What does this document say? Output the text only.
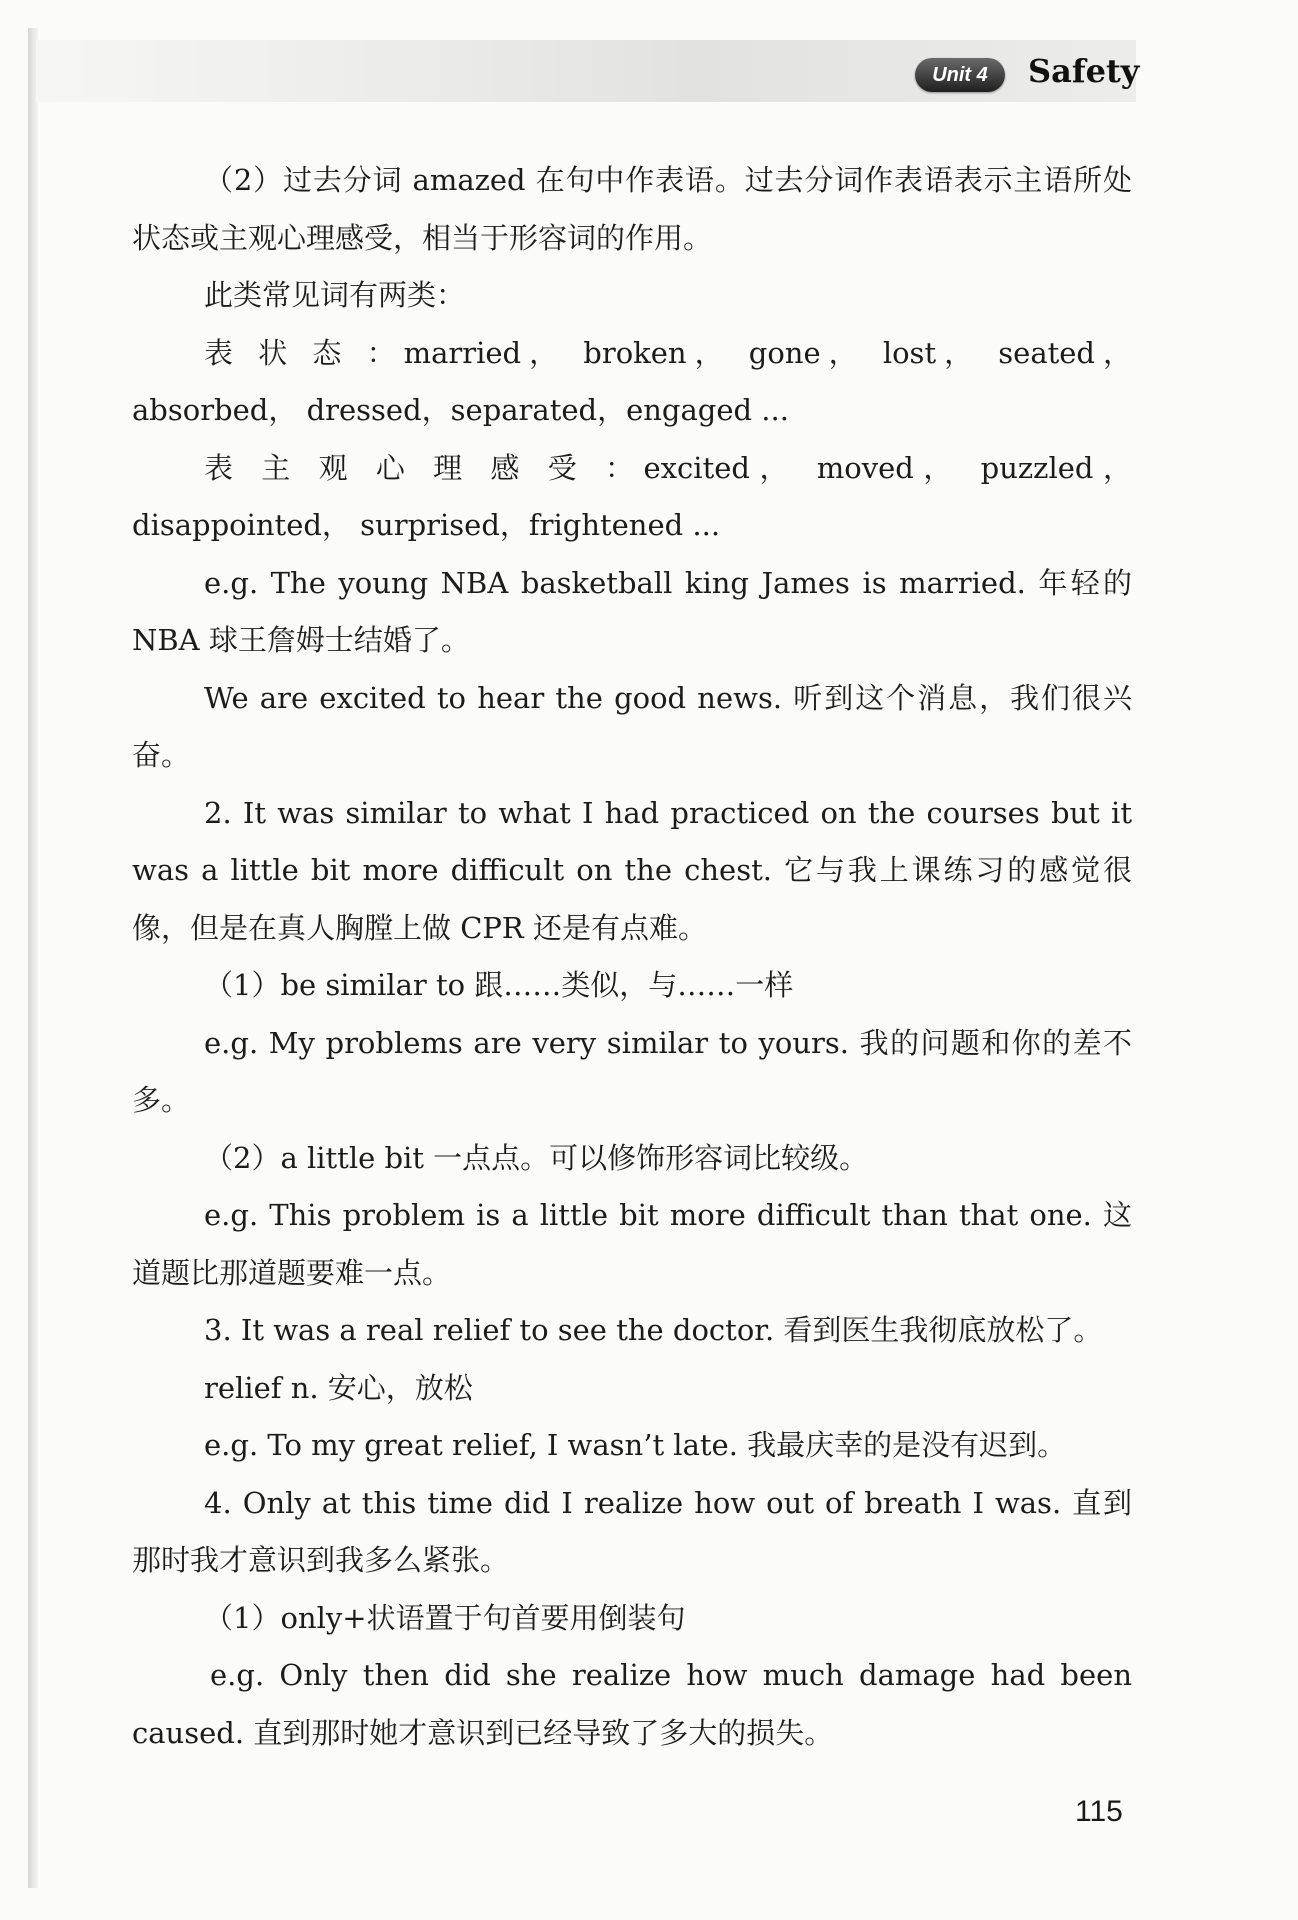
Unit 4	Safety

（2）过去分词 amazed 在句中作表语。过去分词作表语表示主语所处状态或主观心理感受，相当于形容词的作用。

此类常见词有两类：

表 状 态 ：married， broken， gone， lost， seated， absorbed， dressed，separated，engaged ...

表 主 观 心 理 感 受 ：excited， moved， puzzled， disappointed， surprised，frightened ...

e.g. The young NBA basketball king James is married. 年轻的 NBA 球王詹姆士结婚了。

We are excited to hear the good news. 听到这个消息，我们很兴奋。

2. It was similar to what I had practiced on the courses but it was a little bit more difficult on the chest. 它与我上课练习的感觉很像，但是在真人胸膛上做 CPR 还是有点难。

（1）be similar to 跟……类似，与……一样

e.g. My problems are very similar to yours. 我的问题和你的差不多。

（2）a little bit 一点点。可以修饰形容词比较级。

e.g. This problem is a little bit more difficult than that one. 这道题比那道题要难一点。

3. It was a real relief to see the doctor. 看到医生我彻底放松了。

relief n. 安心，放松

e.g. To my great relief, I wasn’t late. 我最庆幸的是没有迟到。

4. Only at this time did I realize how out of breath I was. 直到那时我才意识到我多么紧张。

（1）only+状语置于句首要用倒装句

e.g. Only then did she realize how much damage had been caused. 直到那时她才意识到已经导致了多大的损失。

115
